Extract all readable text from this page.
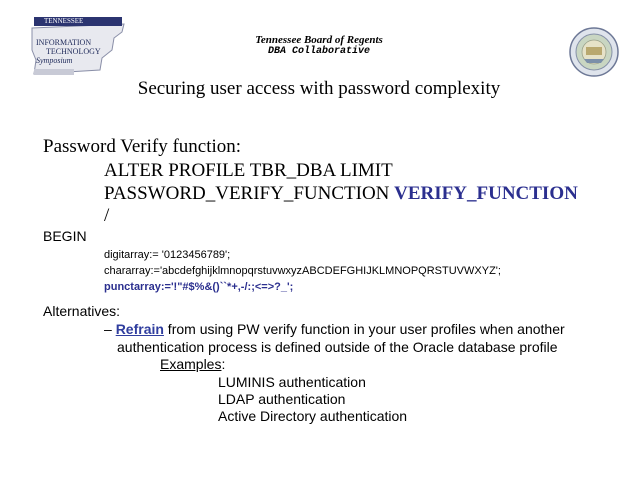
TENNESSEE
INFORMATION
TECHNOLOGY
Symposium
Tennessee Board of Regents
DBA Collaborative
Securing user access with password complexity
Password Verify function:
ALTER PROFILE TBR_DBA LIMIT
PASSWORD_VERIFY_FUNCTION VERIFY_FUNCTION
/
BEGIN
digitarray:= '0123456789';
chararray:='abcdefghijklmnopqrstuvwxyzABCDEFGHIJKLMNOPQRSTUVWXYZ';
punctarray:='!"#$%&()``*+,-/:;<=>?_';
Alternatives:
– Refrain from using PW verify function in your user profiles when another
authentication process is defined outside of the Oracle database profile
Examples:
LUMINIS authentication
LDAP authentication
Active Directory authentication
